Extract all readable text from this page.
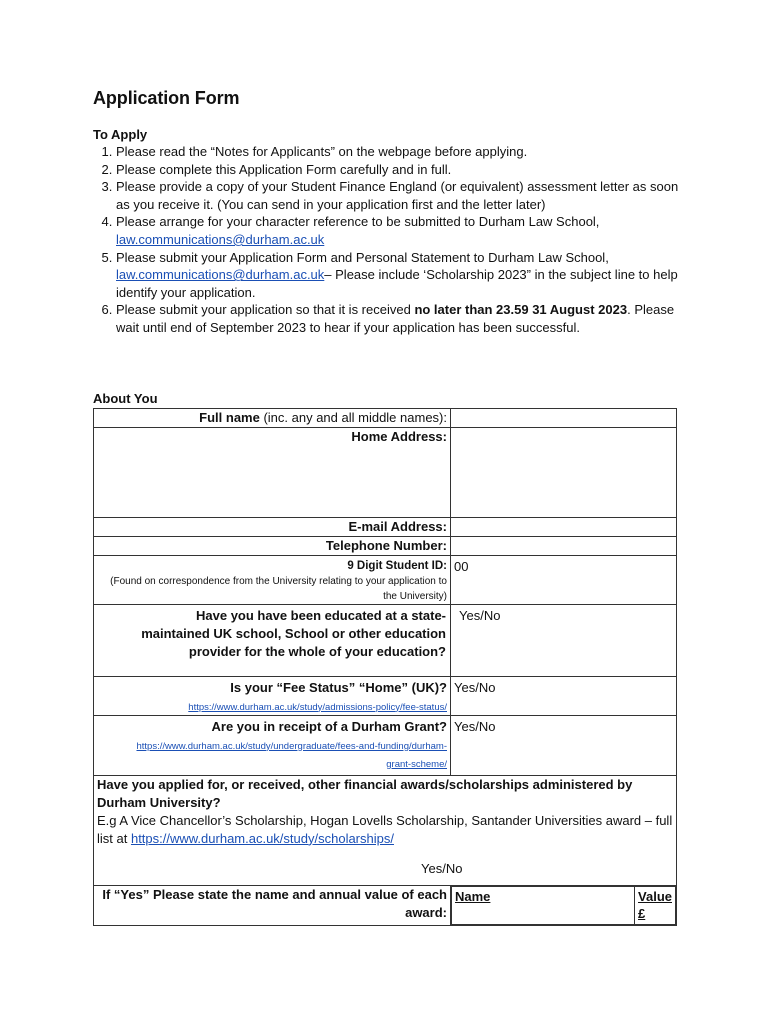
Application Form

To Apply

1. Please read the “Notes for Applicants” on the webpage before applying.
2. Please complete this Application Form carefully and in full.
3. Please provide a copy of your Student Finance England (or equivalent) assessment letter as soon as you receive it. (You can send in your application first and the letter later)
4. Please arrange for your character reference to be submitted to Durham Law School,
law.communications@durham.ac.uk
5. Please submit your Application Form and Personal Statement to Durham Law School,
law.communications@durham.ac.uk– Please include ‘Scholarship 2023” in the subject line to help identify your application.
6. Please submit your application so that it is received no later than 23.59 31 August 2023. Please wait until end of September 2023 to hear if your application has been successful.
About You
Full name (inc. any and all middle names):	
Home Address:	
E-mail Address:	
Telephone Number:	

9 Digit Student ID:
(Found on correspondence from the University relating to your application to the University)
	00

Have you have been educated at a state-maintained UK school, School or other education provider for the whole of your education?
	Yes/No

Is your “Fee Status” “Home” (UK)?
https://www.durham.ac.uk/study/admissions-policy/fee-status/	Yes/No

Are you in receipt of a Durham Grant?
https://www.durham.ac.uk/study/undergraduate/fees-and-funding/durham-grant-scheme/	Yes/No

Have you applied for, or received, other financial awards/scholarships administered by Durham University?
E.g A Vice Chancellor’s Scholarship, Hogan Lovells Scholarship, Santander Universities award – full list at https://www.durham.ac.uk/study/scholarships/
Yes/No

If “Yes” Please state the name and annual value of each award:

Name	Value £
